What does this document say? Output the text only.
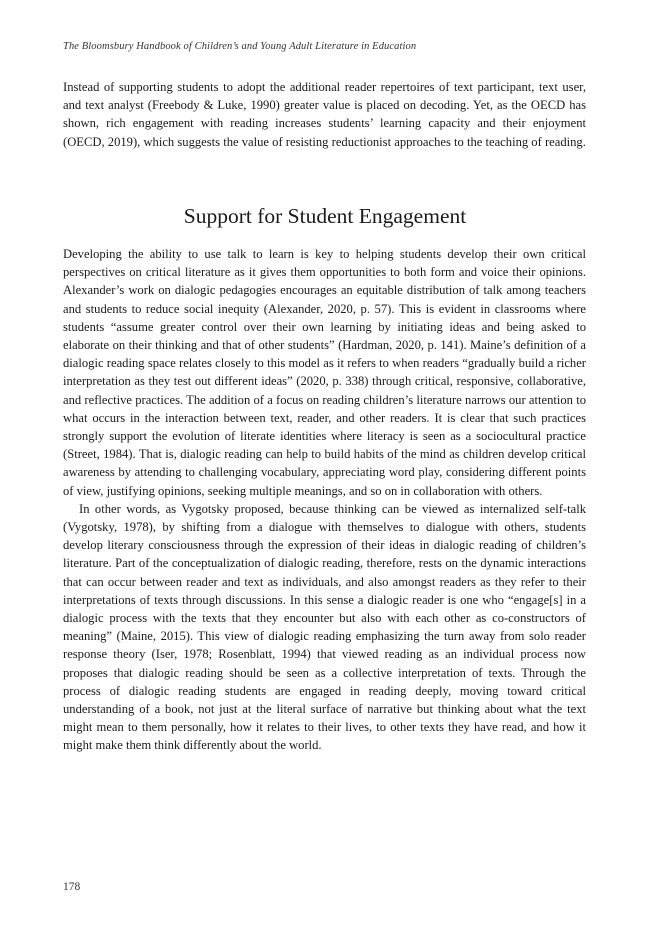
The Bloomsbury Handbook of Children’s and Young Adult Literature in Education

Instead of supporting students to adopt the additional reader repertoires of text participant, text user, and text analyst (Freebody & Luke, 1990) greater value is placed on decoding. Yet, as the OECD has shown, rich engagement with reading increases students’ learning capacity and their enjoyment (OECD, 2019), which suggests the value of resisting reductionist approaches to the teaching of reading.

Support for Student Engagement

Developing the ability to use talk to learn is key to helping students develop their own critical perspectives on critical literature as it gives them opportunities to both form and voice their opinions. Alexander’s work on dialogic pedagogies encourages an equitable distribution of talk among teachers and students to reduce social inequity (Alexander, 2020, p. 57). This is evident in classrooms where students “assume greater control over their own learning by initiating ideas and being asked to elaborate on their thinking and that of other students” (Hardman, 2020, p. 141). Maine’s definition of a dialogic reading space relates closely to this model as it refers to when readers “gradually build a richer interpretation as they test out different ideas” (2020, p. 338) through critical, responsive, collaborative, and reflective practices. The addition of a focus on reading children’s literature narrows our attention to what occurs in the interaction between text, reader, and other readers. It is clear that such practices strongly support the evolution of literate identities where literacy is seen as a sociocultural practice (Street, 1984). That is, dialogic reading can help to build habits of the mind as children develop critical awareness by attending to challenging vocabulary, appreciating word play, considering different points of view, justifying opinions, seeking multiple meanings, and so on in collaboration with others.

In other words, as Vygotsky proposed, because thinking can be viewed as internalized self-talk (Vygotsky, 1978), by shifting from a dialogue with themselves to dialogue with others, students develop literary consciousness through the expression of their ideas in dialogic reading of children’s literature. Part of the conceptualization of dialogic reading, therefore, rests on the dynamic interactions that can occur between reader and text as individuals, and also amongst readers as they refer to their interpretations of texts through discussions. In this sense a dialogic reader is one who “engage[s] in a dialogic process with the texts that they encounter but also with each other as co-constructors of meaning” (Maine, 2015). This view of dialogic reading emphasizing the turn away from solo reader response theory (Iser, 1978; Rosenblatt, 1994) that viewed reading as an individual process now proposes that dialogic reading should be seen as a collective interpretation of texts. Through the process of dialogic reading students are engaged in reading deeply, moving toward critical understanding of a book, not just at the literal surface of narrative but thinking about what the text might mean to them personally, how it relates to their lives, to other texts they have read, and how it might make them think differently about the world.

178
